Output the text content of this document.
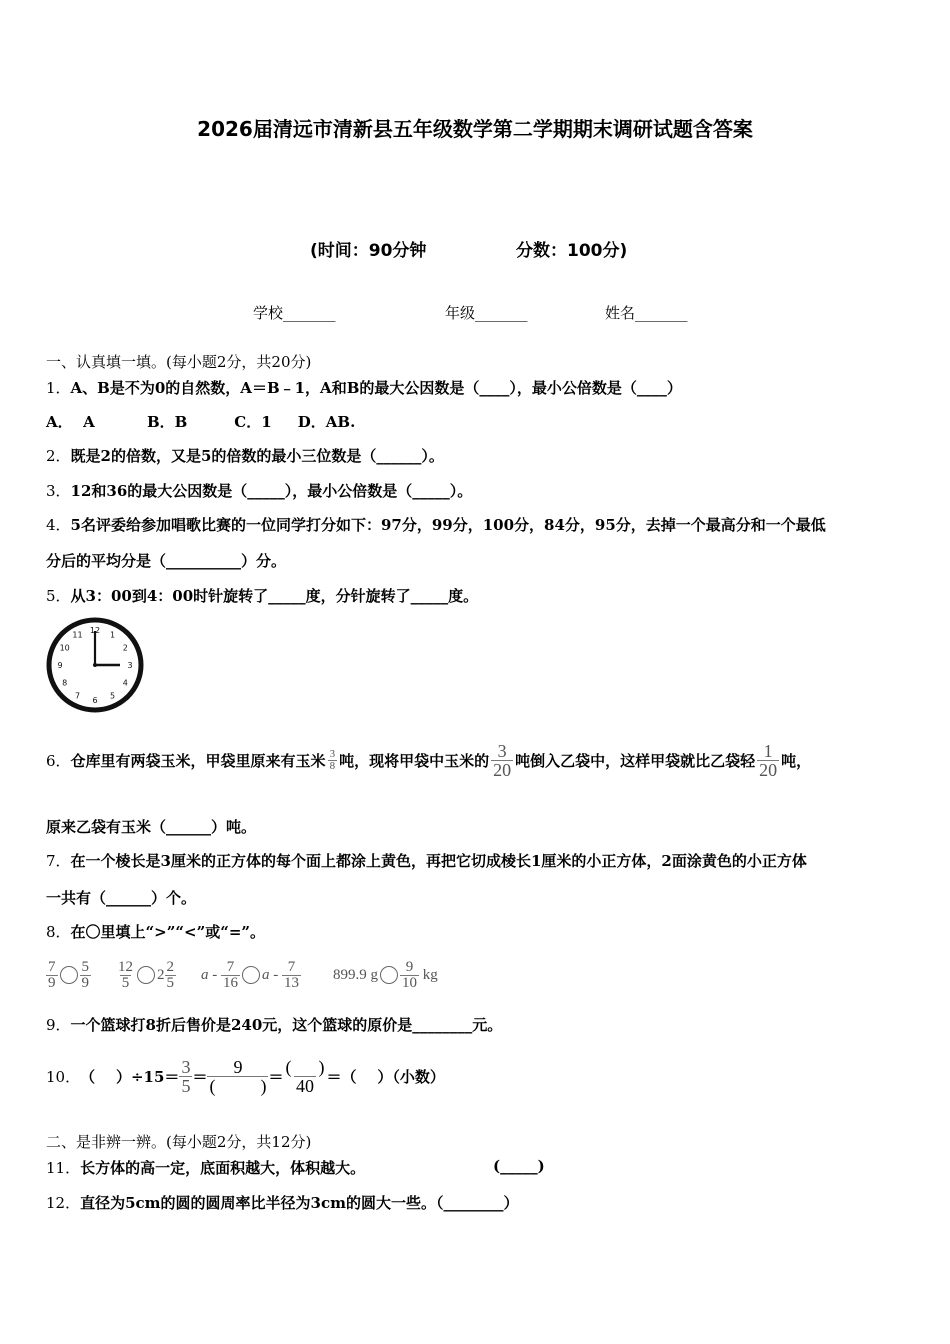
2026届清远市清新县五年级数学第二学期期末调研试题含答案
(时间：90分钟	分数：100分)
学校_______	年级_______	姓名_______
一、认真填一填。(每小题2分，共20分)
1．A、B是不为0的自然数，A＝B﹣1，A和B的最大公因数是（____），最小公倍数是（____）
A．  A          B．B         C．1     D．AB.
2．既是2的倍数，又是5的倍数的最小三位数是（______）。
3．12和36的最大公因数是（_____），最小公倍数是（_____）。
4．5名评委给参加唱歌比赛的一位同学打分如下：97分，99分，100分，84分，95分，去掉一个最高分和一个最低
分后的平均分是（__________）分。
5．从3：00到4：00时针旋转了_____度，分针旋转了_____度。
12
1
2
3
4
5
6
7
8
9
10
11
6． 仓库里有两袋玉米，甲袋里原来有玉米 $\frac{3}{8}$ 吨，现将甲袋中玉米的 $\frac{3}{20}$ 吨倒入乙袋中，这样甲袋就比乙袋轻 $\frac{1}{20}$ 吨，
原来乙袋有玉米（______）吨。
7．在一个棱长是3厘米的正方体的每个面上都涂上黄色，再把它切成棱长1厘米的小正方体，2面涂黄色的小正方体
一共有（______）个。
8．在〇里填上“>”“<”或“=”。
$\frac{7}{9} \frac{5}{9} \frac{12}{5} 2 \frac{2}{5}$ a - $\frac{7}{16}$ a - $\frac{7}{13} 899.9$ g $\frac{9}{10}$ kg
9．一个篮球打8折后售价是240元，这个篮球的原价是________元。
10． （    ）$\div 15= \frac{3}{5} = \frac{9}{( )} = \frac{( )}{40}$ ＝（    ）（小数）
二、是非辨一辨。(每小题2分，共12分)
11．长方体的高一定，底面积越大，体积越大。	(_____)
12．直径为5cm的圆的圆周率比半径为3cm的圆大一些。（________）
